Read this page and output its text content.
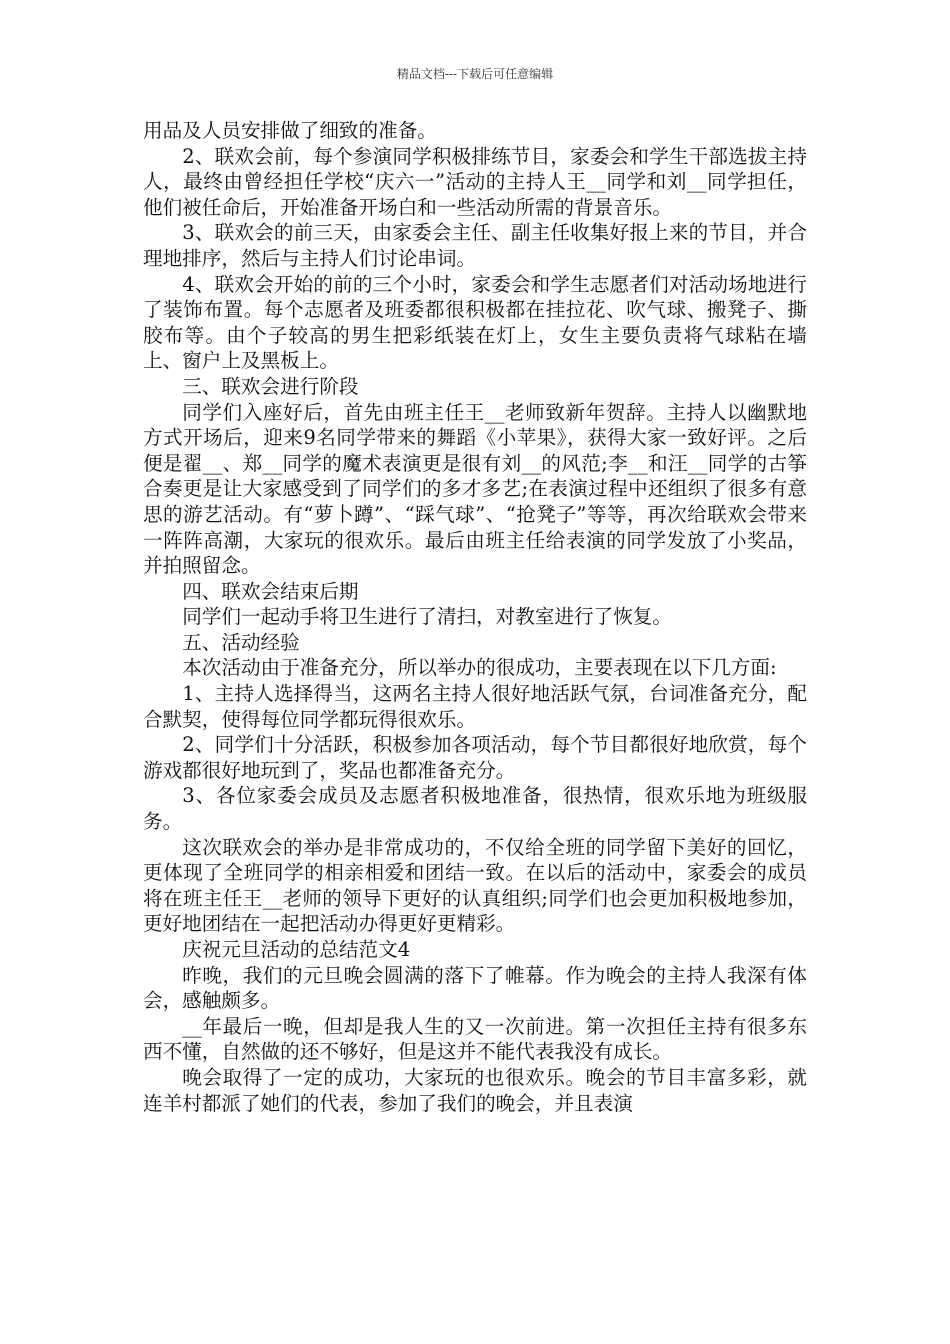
精品文档---下载后可任意编辑

用品及人员安排做了细致的准备。

2、联欢会前，每个参演同学积极排练节目，家委会和学生干部选拔主持人，最终由曾经担任学校“庆六一”活动的主持人王__同学和刘__同学担任，他们被任命后，开始准备开场白和一些活动所需的背景音乐。

3、联欢会的前三天，由家委会主任、副主任收集好报上来的节目，并合理地排序，然后与主持人们讨论串词。

4、联欢会开始的前的三个小时，家委会和学生志愿者们对活动场地进行了装饰布置。每个志愿者及班委都很积极都在挂拉花、吹气球、搬凳子、撕胶布等。由个子较高的男生把彩纸装在灯上，女生主要负责将气球粘在墙上、窗户上及黑板上。

三、联欢会进行阶段

同学们入座好后，首先由班主任王__老师致新年贺辞。主持人以幽默地方式开场后，迎来9名同学带来的舞蹈《小苹果》，获得大家一致好评。之后便是翟__、郑__同学的魔术表演更是很有刘__的风范;李__和汪__同学的古筝合奏更是让大家感受到了同学们的多才多艺;在表演过程中还组织了很多有意思的游艺活动。有“萝卜蹲”、“踩气球”、“抢凳子”等等，再次给联欢会带来一阵阵高潮，大家玩的很欢乐。最后由班主任给表演的同学发放了小奖品，并拍照留念。

四、联欢会结束后期

同学们一起动手将卫生进行了清扫，对教室进行了恢复。

五、活动经验

本次活动由于准备充分，所以举办的很成功，主要表现在以下几方面:

1、主持人选择得当，这两名主持人很好地活跃气氛，台词准备充分，配合默契，使得每位同学都玩得很欢乐。

2、同学们十分活跃，积极参加各项活动，每个节目都很好地欣赏，每个游戏都很好地玩到了，奖品也都准备充分。

3、各位家委会成员及志愿者积极地准备，很热情，很欢乐地为班级服务。

这次联欢会的举办是非常成功的，不仅给全班的同学留下美好的回忆，更体现了全班同学的相亲相爱和团结一致。在以后的活动中，家委会的成员将在班主任王__老师的领导下更好的认真组织;同学们也会更加积极地参加，更好地团结在一起把活动办得更好更精彩。

庆祝元旦活动的总结范文4

昨晚，我们的元旦晚会圆满的落下了帷幕。作为晚会的主持人我深有体会，感触颇多。

__年最后一晚，但却是我人生的又一次前进。第一次担任主持有很多东西不懂，自然做的还不够好，但是这并不能代表我没有成长。

晚会取得了一定的成功，大家玩的也很欢乐。晚会的节目丰富多彩，就连羊村都派了她们的代表，参加了我们的晚会，并且表演
